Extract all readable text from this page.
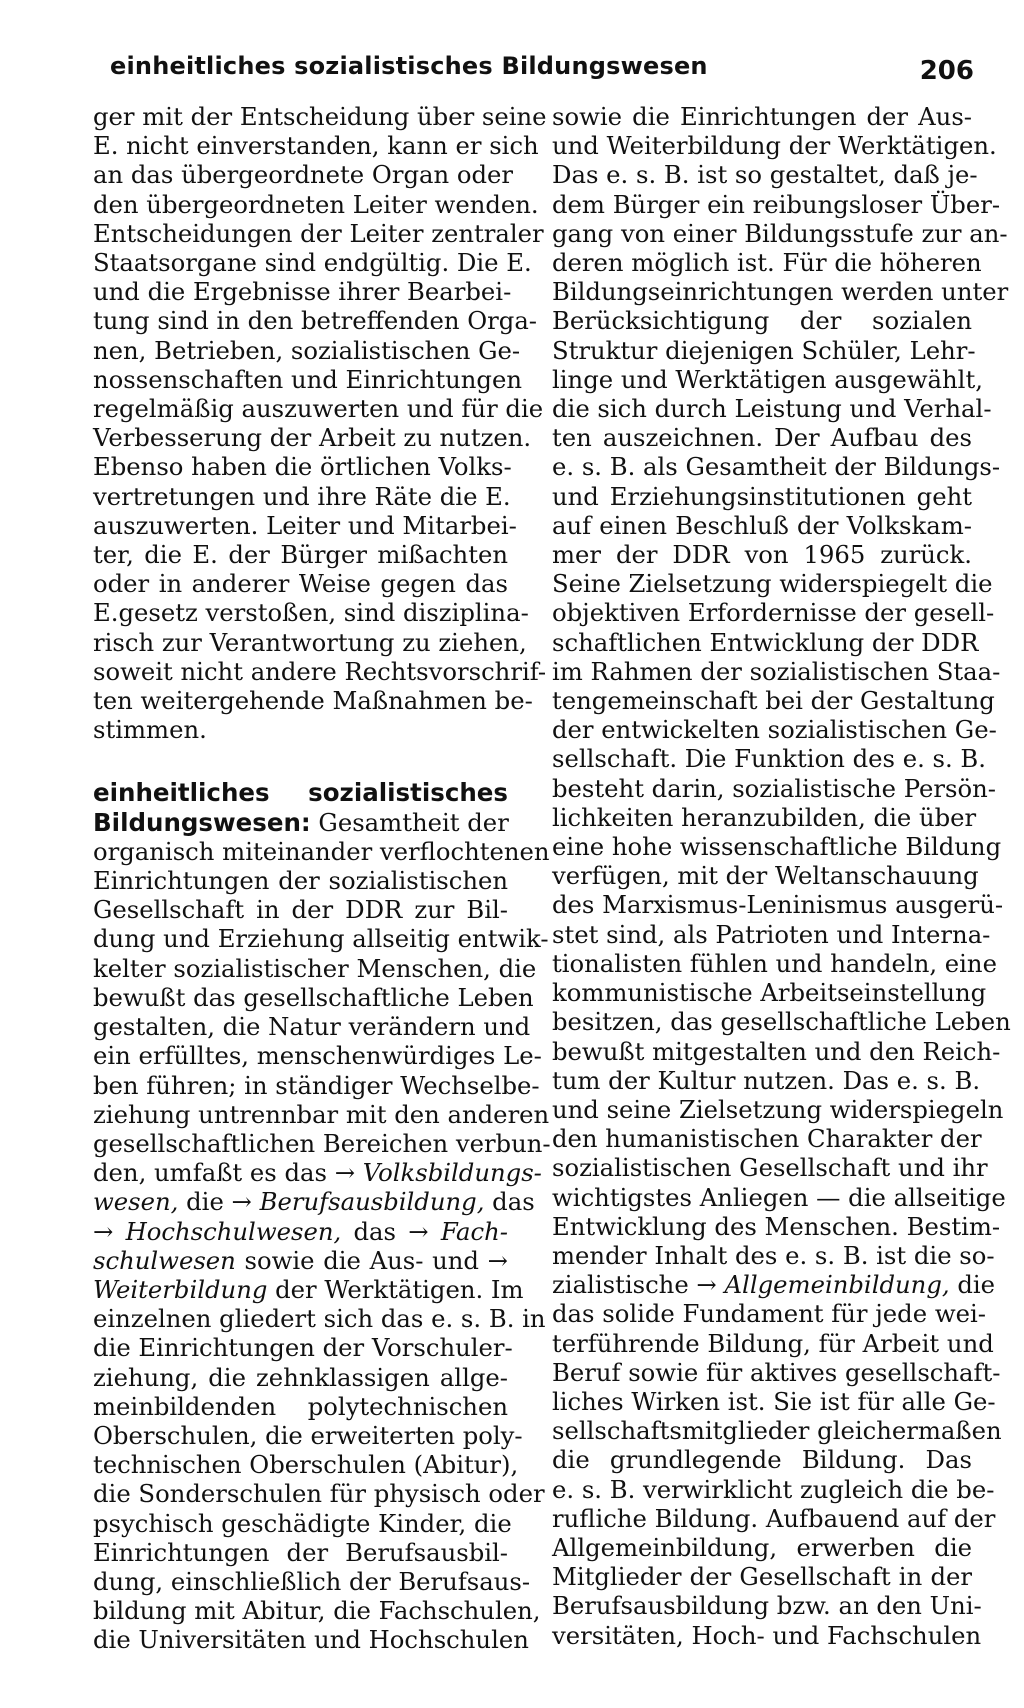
einheitliches sozialistisches Bildungswesen	206
ger mit der Entscheidung über seine
E. nicht einverstanden, kann er sich
an das übergeordnete Organ oder
den übergeordneten Leiter wenden.
Entscheidungen der Leiter zentraler
Staatsorgane sind endgültig. Die E.
und die Ergebnisse ihrer Bearbei-
tung sind in den betreffenden Orga-
nen, Betrieben, sozialistischen Ge-
nossenschaften und Einrichtungen
regelmäßig auszuwerten und für die
Verbesserung der Arbeit zu nutzen.
Ebenso haben die örtlichen Volks-
vertretungen und ihre Räte die E.
auszuwerten. Leiter und Mitarbei-
ter, die E. der Bürger mißachten
oder in anderer Weise gegen das
E.gesetz verstoßen, sind disziplina-
risch zur Verantwortung zu ziehen,
soweit nicht andere Rechtsvorschrif-
ten weitergehende Maßnahmen be-
stimmen.
einheitliches sozialistisches
Bildungswesen: Gesamtheit der
organisch miteinander verflochtenen
Einrichtungen der sozialistischen
Gesellschaft in der DDR zur Bil-
dung und Erziehung allseitig entwik-
kelter sozialistischer Menschen, die
bewußt das gesellschaftliche Leben
gestalten, die Natur verändern und
ein erfülltes, menschenwürdiges Le-
ben führen; in ständiger Wechselbe-
ziehung untrennbar mit den anderen
gesellschaftlichen Bereichen verbun-
den, umfaßt es das → Volksbildungs-
wesen, die → Berufsausbildung, das
→ Hochschulwesen, das → Fach-
schulwesen sowie die Aus- und →
Weiterbildung der Werktätigen. Im
einzelnen gliedert sich das e. s. B. in
die Einrichtungen der Vorschuler-
ziehung, die zehnklassigen allge-
meinbildenden polytechnischen
Oberschulen, die erweiterten poly-
technischen Oberschulen (Abitur),
die Sonderschulen für physisch oder
psychisch geschädigte Kinder, die
Einrichtungen der Berufsausbil-
dung, einschließlich der Berufsaus-
bildung mit Abitur, die Fachschulen,
die Universitäten und Hochschulen
sowie die Einrichtungen der Aus-
und Weiterbildung der Werktätigen.
Das e. s. B. ist so gestaltet, daß je-
dem Bürger ein reibungsloser Über-
gang von einer Bildungsstufe zur an-
deren möglich ist. Für die höheren
Bildungseinrichtungen werden unter
Berücksichtigung der sozialen
Struktur diejenigen Schüler, Lehr-
linge und Werktätigen ausgewählt,
die sich durch Leistung und Verhal-
ten auszeichnen. Der Aufbau des
e. s. B. als Gesamtheit der Bildungs-
und Erziehungsinstitutionen geht
auf einen Beschluß der Volkskam-
mer der DDR von 1965 zurück.
Seine Zielsetzung widerspiegelt die
objektiven Erfordernisse der gesell-
schaftlichen Entwicklung der DDR
im Rahmen der sozialistischen Staa-
tengemeinschaft bei der Gestaltung
der entwickelten sozialistischen Ge-
sellschaft. Die Funktion des e. s. B.
besteht darin, sozialistische Persön-
lichkeiten heranzubilden, die über
eine hohe wissenschaftliche Bildung
verfügen, mit der Weltanschauung
des Marxismus-Leninismus ausgerü-
stet sind, als Patrioten und Interna-
tionalisten fühlen und handeln, eine
kommunistische Arbeitseinstellung
besitzen, das gesellschaftliche Leben
bewußt mitgestalten und den Reich-
tum der Kultur nutzen. Das e. s. B.
und seine Zielsetzung widerspiegeln
den humanistischen Charakter der
sozialistischen Gesellschaft und ihr
wichtigstes Anliegen — die allseitige
Entwicklung des Menschen. Bestim-
mender Inhalt des e. s. B. ist die so-
zialistische → Allgemeinbildung, die
das solide Fundament für jede wei-
terführende Bildung, für Arbeit und
Beruf sowie für aktives gesellschaft-
liches Wirken ist. Sie ist für alle Ge-
sellschaftsmitglieder gleichermaßen
die grundlegende Bildung. Das
e. s. B. verwirklicht zugleich die be-
rufliche Bildung. Aufbauend auf der
Allgemeinbildung, erwerben die
Mitglieder der Gesellschaft in der
Berufsausbildung bzw. an den Uni-
versitäten, Hoch- und Fachschulen
